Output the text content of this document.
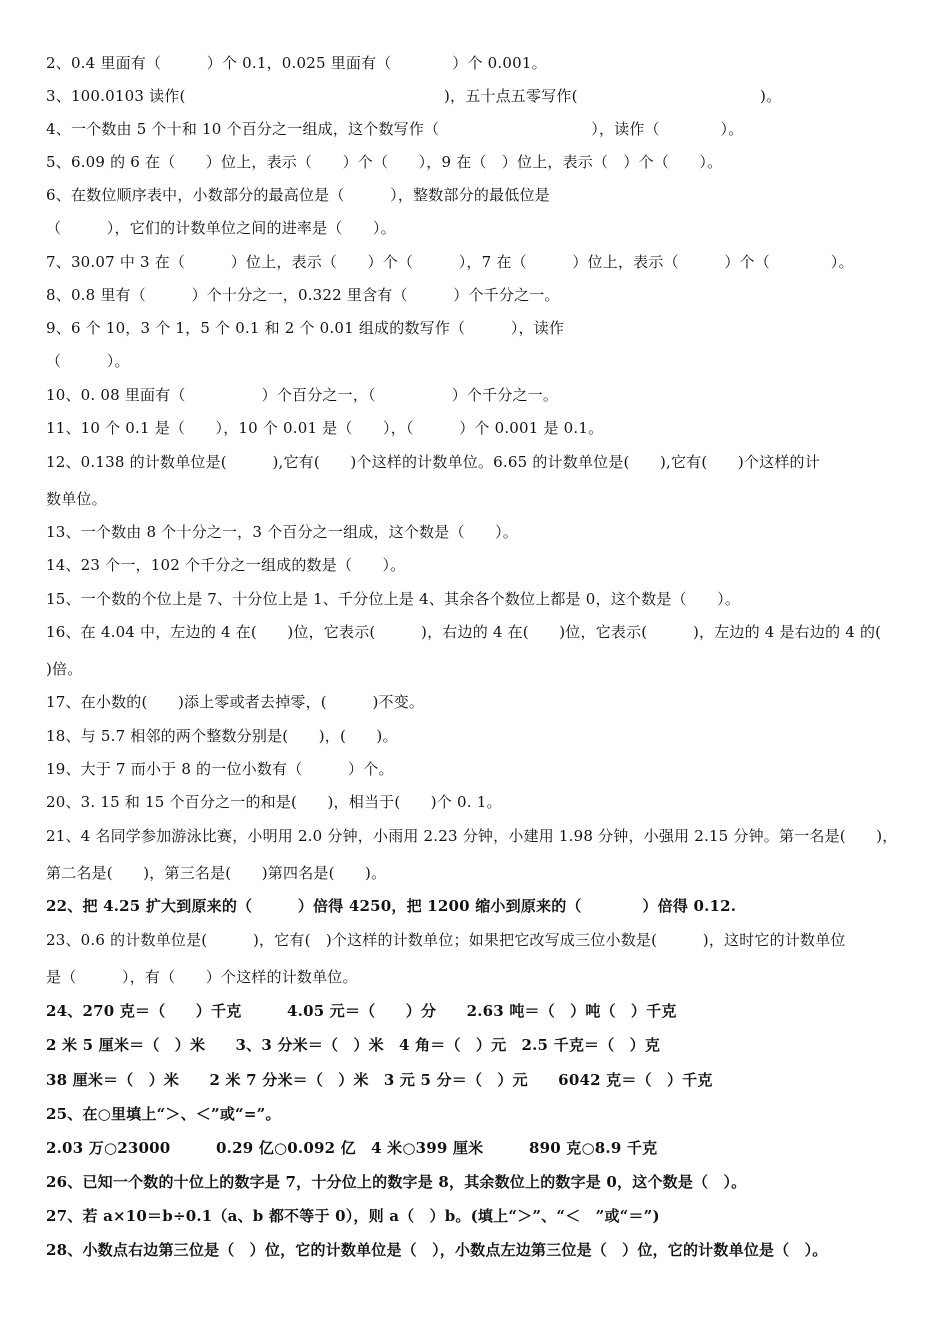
2、0.4 里面有（　　　）个 0.1，0.025 里面有（　　　　）个 0.001。
3、100.0103 读作(　　　　　　　　　　　　　　　　　)，五十点五零写作(　　　　　　　　　　　　)。
4、一个数由 5 个十和 10 个百分之一组成，这个数写作（　　　　　　　　　　），读作（　　　　）。
5、6.09 的 6 在（　　）位上，表示（　　）个（　　），9 在（　）位上，表示（　）个（　　）。
6、在数位顺序表中，小数部分的最高位是（　　　），整数部分的最低位是
（　　　），它们的计数单位之间的进率是（　　）。
7、30.07 中 3 在（　　　）位上，表示（　　）个（　　　），7 在（　　　）位上，表示（　　　）个（　　　　）。
8、0.8 里有（　　　）个十分之一，0.322 里含有（　　　）个千分之一。
9、6 个 10，3 个 1，5 个 0.1 和 2 个 0.01 组成的数写作（　　　），读作
（　　　）。
10、0. 08 里面有（　　　　　）个百分之一，（　　　　　）个千分之一。
11、10 个 0.1 是（　　），10 个 0.01 是（　　），（　　　）个 0.001 是 0.1。
12、0.138 的计数单位是(　　　),它有(　　)个这样的计数单位。6.65 的计数单位是(　　),它有(　　)个这样的计
数单位。
13、一个数由 8 个十分之一，3 个百分之一组成，这个数是（　　）。
14、23 个一，102 个千分之一组成的数是（　　）。
15、一个数的个位上是 7、十分位上是 1、千分位上是 4、其余各个数位上都是 0，这个数是（　　）。
16、在 4.04 中，左边的 4 在(　　)位，它表示(　　　)，右边的 4 在(　　)位，它表示(　　　)，左边的 4 是右边的 4 的(
)倍。
17、在小数的(　　)添上零或者去掉零，(　　　)不变。
18、与 5.7 相邻的两个整数分别是(　　)，(　　)。
19、大于 7 而小于 8 的一位小数有（　　　）个。
20、3. 15 和 15 个百分之一的和是(　　)，相当于(　　)个 0. 1。
21、4 名同学参加游泳比赛，小明用 2.0 分钟，小雨用 2.23 分钟，小建用 1.98 分钟，小强用 2.15 分钟。第一名是(　　)，
第二名是(　　)，第三名是(　　)第四名是(　　)。
22、把 4.25 扩大到原来的（　　　）倍得 4250，把 1200 缩小到原来的（　　　　）倍得 0.12.
23、0.6 的计数单位是(　　　)，它有(　)个这样的计数单位；如果把它改写成三位小数是(　　　)，这时它的计数单位
是（　　　），有（　　）个这样的计数单位。
24、270 克＝（　　）千克　　　4.05 元＝（　　）分　　2.63 吨＝（　）吨（　）千克
2 米 5 厘米＝（　）米　　3、3 分米＝（　）米　4 角＝（　）元　2.5 千克＝（　）克
38 厘米＝（　）米　　2 米 7 分米＝（　）米　3 元 5 分＝（　）元　　6042 克＝（　）千克
25、在○里填上“＞、＜”或“=”。
2.03 万○23000　　　0.29 亿○0.092 亿　4 米○399 厘米　　　890 克○8.9 千克
26、已知一个数的十位上的数字是 7，十分位上的数字是 8，其余数位上的数字是 0，这个数是（　）。
27、若 a×10＝b÷0.1（a、b 都不等于 0），则 a（　）b。(填上“＞”、“＜　”或“＝”)
28、小数点右边第三位是（　）位，它的计数单位是（　），小数点左边第三位是（　）位，它的计数单位是（　）。
